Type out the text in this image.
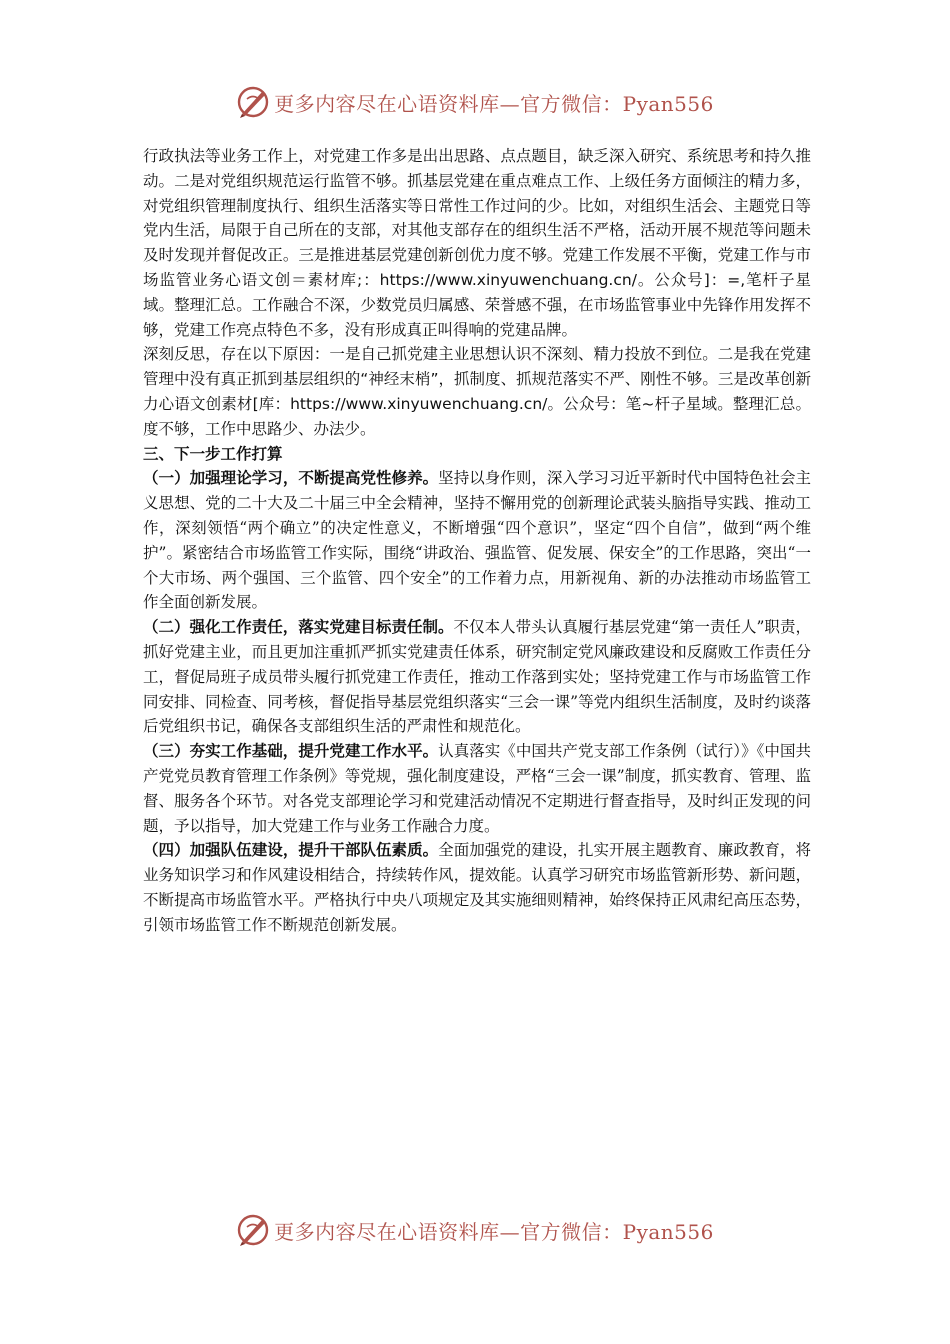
更多内容尽在心语资料库—官方微信：Pyan556

行政执法等业务工作上，对党建工作多是出出思路、点点题目，缺乏深入研究、系统思考和持久推动。二是对党组织规范运行监管不够。抓基层党建在重点难点工作、上级任务方面倾注的精力多，对党组织管理制度执行、组织生活落实等日常性工作过问的少。比如，对组织生活会、主题党日等党内生活，局限于自己所在的支部，对其他支部存在的组织生活不严格，活动开展不规范等问题未及时发现并督促改正。三是推进基层党建创新创优力度不够。党建工作发展不平衡，党建工作与市场监管业务心语文创＝素材库;：https://www.xinyuwenchuang.cn/。公众号]：=,笔杆子星域。整理汇总。工作融合不深，少数党员归属感、荣誉感不强，在市场监管事业中先锋作用发挥不够，党建工作亮点特色不多，没有形成真正叫得响的党建品牌。

深刻反思，存在以下原因：一是自己抓党建主业思想认识不深刻、精力投放不到位。二是我在党建管理中没有真正抓到基层组织的“神经末梢”，抓制度、抓规范落实不严、刚性不够。三是改革创新力心语文创素材[库：https://www.xinyuwenchuang.cn/。公众号：笔~杆子星域。整理汇总。度不够，工作中思路少、办法少。

三、下一步工作打算

（一）加强理论学习，不断提高党性修养。坚持以身作则，深入学习习近平新时代中国特色社会主义思想、党的二十大及二十届三中全会精神，坚持不懈用党的创新理论武装头脑指导实践、推动工作，深刻领悟“两个确立”的决定性意义，不断增强“四个意识”，坚定“四个自信”，做到“两个维护”。紧密结合市场监管工作实际，围绕“讲政治、强监管、促发展、保安全”的工作思路，突出“一个大市场、两个强国、三个监管、四个安全”的工作着力点，用新视角、新的办法推动市场监管工作全面创新发展。

（二）强化工作责任，落实党建目标责任制。不仅本人带头认真履行基层党建“第一责任人”职责，抓好党建主业，而且更加注重抓严抓实党建责任体系，研究制定党风廉政建设和反腐败工作责任分工，督促局班子成员带头履行抓党建工作责任，推动工作落到实处；坚持党建工作与市场监管工作同安排、同检查、同考核，督促指导基层党组织落实“三会一课”等党内组织生活制度，及时约谈落后党组织书记，确保各支部组织生活的严肃性和规范化。

（三）夯实工作基础，提升党建工作水平。认真落实《中国共产党支部工作条例（试行）》《中国共产党党员教育管理工作条例》等党规，强化制度建设，严格“三会一课”制度，抓实教育、管理、监督、服务各个环节。对各党支部理论学习和党建活动情况不定期进行督查指导，及时纠正发现的问题，予以指导，加大党建工作与业务工作融合力度。

（四）加强队伍建设，提升干部队伍素质。全面加强党的建设，扎实开展主题教育、廉政教育，将业务知识学习和作风建设相结合，持续转作风，提效能。认真学习研究市场监管新形势、新问题，不断提高市场监管水平。严格执行中央八项规定及其实施细则精神，始终保持正风肃纪高压态势，引领市场监管工作不断规范创新发展。

更多内容尽在心语资料库—官方微信：Pyan556
